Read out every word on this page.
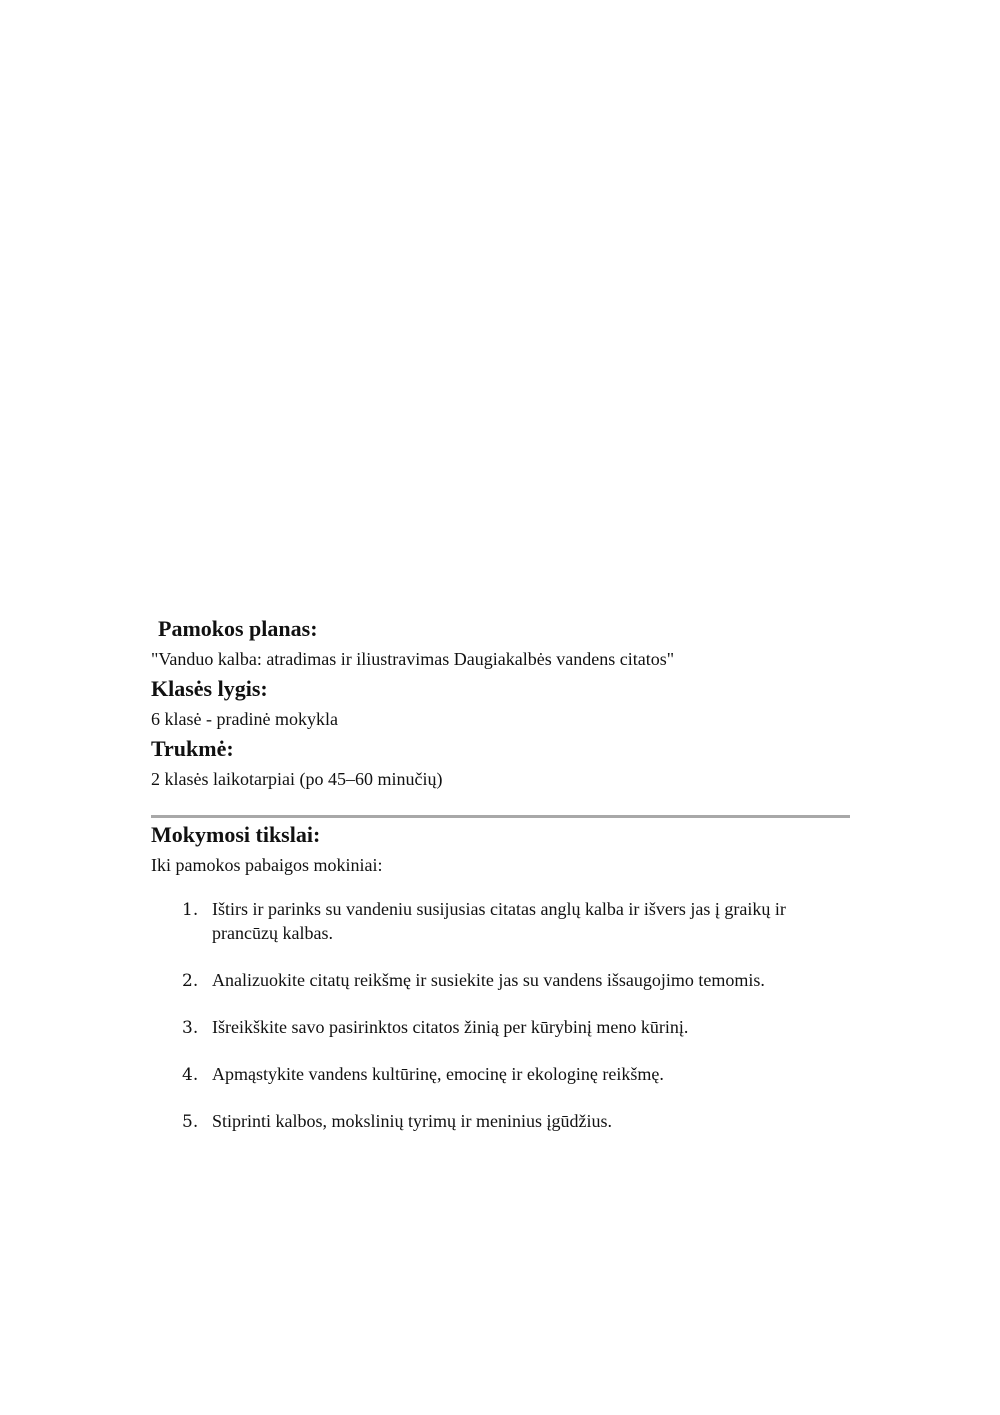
Pamokos planas:

"Vanduo kalba: atradimas ir iliustravimas Daugiakalbės vandens citatos"

Klasės lygis:

6 klasė - pradinė mokykla

Trukmė:

2 klasės laikotarpiai (po 45–60 minučių)

Mokymosi tikslai:

Iki pamokos pabaigos mokiniai:

1. Ištirs ir parinks su vandeniu susijusias citatas anglų kalba ir išvers jas į graikų ir prancūzų kalbas.
2. Analizuokite citatų reikšmę ir susiekite jas su vandens išsaugojimo temomis.
3. Išreikškite savo pasirinktos citatos žinią per kūrybinį meno kūrinį.
4. Apmąstykite vandens kultūrinę, emocinę ir ekologinę reikšmę.
5. Stiprinti kalbos, mokslinių tyrimų ir meninius įgūdžius.
